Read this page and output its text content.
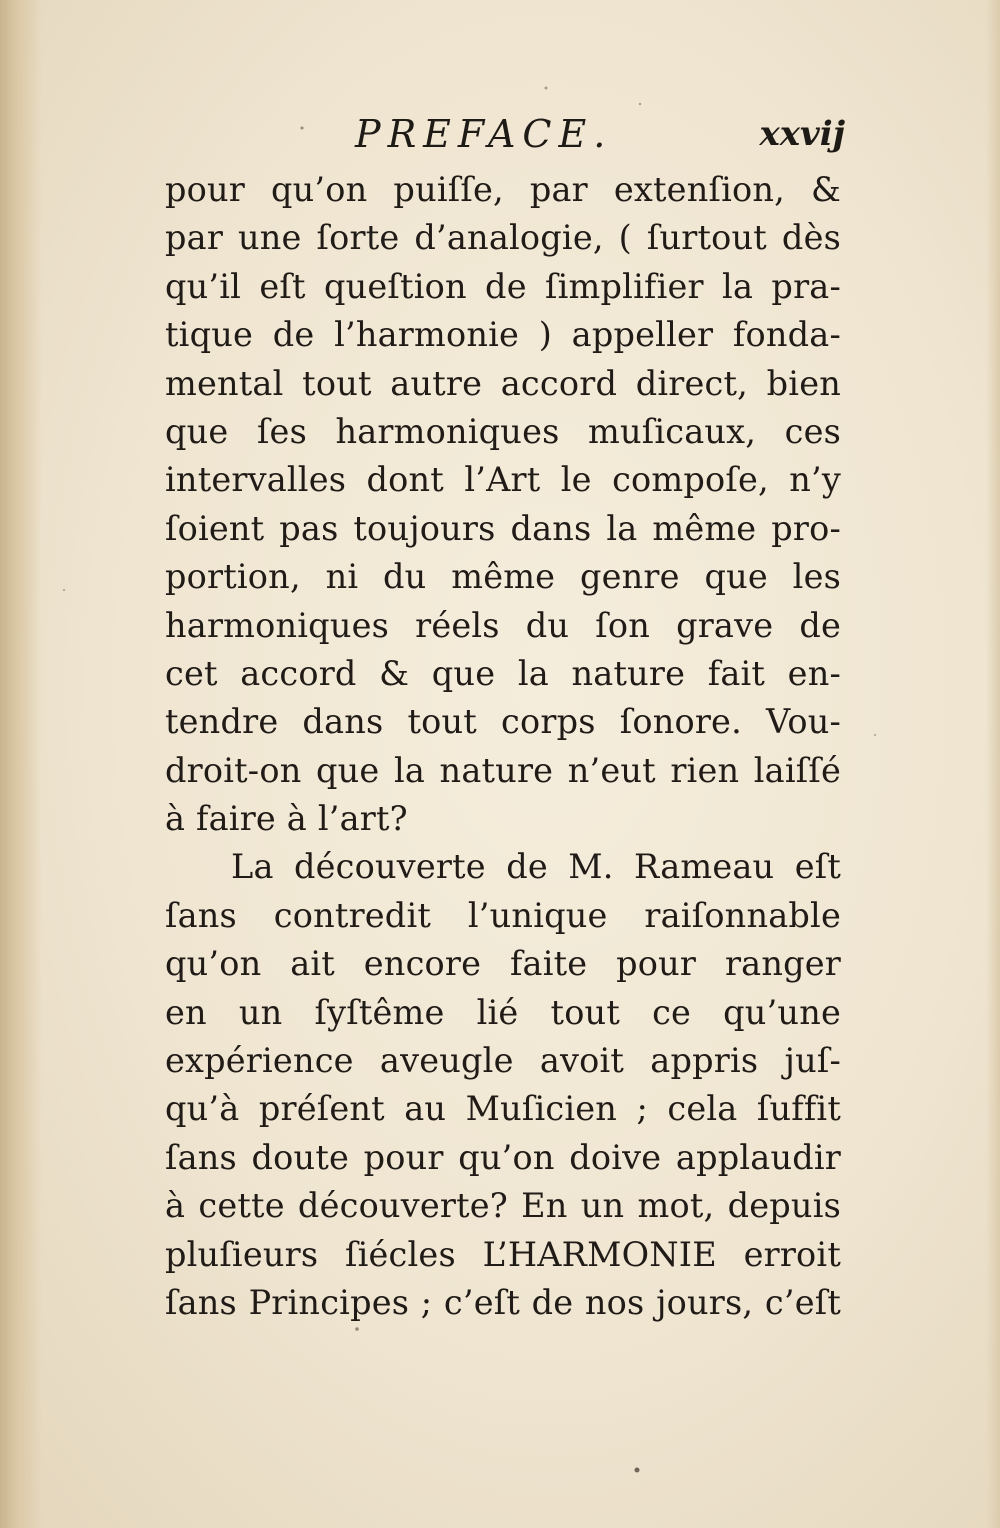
PREFACE.	xxvij
pour qu’on puiſſe, par extenſion, &
par une ſorte d’analogie, ( ſurtout dès
qu’il eſt queſtion de ſimplifier la pra-
tique de l’harmonie ) appeller fonda-
mental tout autre accord direct, bien
que ſes harmoniques muſicaux, ces
intervalles dont l’Art le compoſe, n’y
ſoient pas toujours dans la même pro-
portion, ni du même genre que les
harmoniques réels du ſon grave de
cet accord & que la nature fait en-
tendre dans tout corps ſonore. Vou-
droit-on que la nature n’eut rien laiſſé
à faire à l’art?
La découverte de M. Rameau eſt
ſans contredit l’unique raiſonnable
qu’on ait encore faite pour ranger
en un ſyſtême lié tout ce qu’une
expérience aveugle avoit appris juſ-
qu’à préſent au Muſicien ; cela ſuffit
ſans doute pour qu’on doive applaudir
à cette découverte? En un mot, depuis
pluſieurs ſiécles L’HARMONIE erroit
ſans Principes ; c’eſt de nos jours, c’eſt
